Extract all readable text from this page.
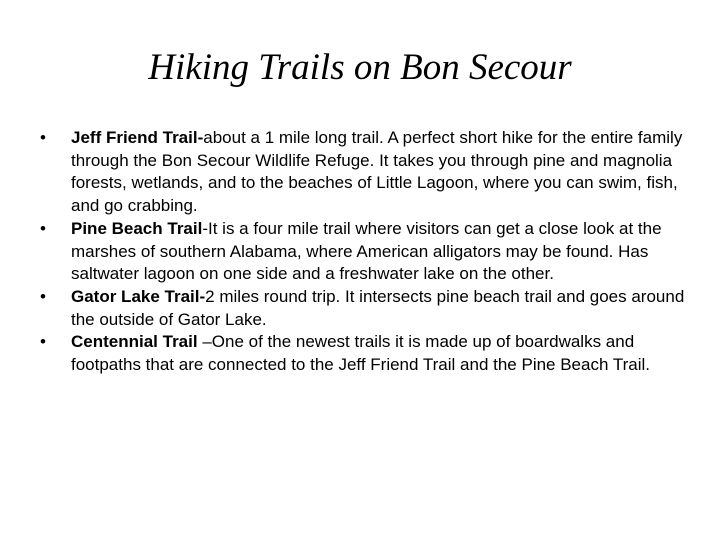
Hiking Trails on Bon Secour
• Jeff Friend Trail-about a 1 mile long trail. A perfect short hike for the entire family through the Bon Secour Wildlife Refuge. It takes you through pine and magnolia forests, wetlands, and to the beaches of Little Lagoon, where you can swim, fish, and go crabbing.
• Pine Beach Trail-It is a four mile trail where visitors can get a close look at the marshes of southern Alabama, where American alligators may be found. Has saltwater lagoon on one side and a freshwater lake on the other.
• Gator Lake Trail-2 miles round trip. It intersects pine beach trail and goes around the outside of Gator Lake.
• Centennial Trail –One of the newest trails it is made up of boardwalks and footpaths that are connected to the Jeff Friend Trail and the Pine Beach Trail.
